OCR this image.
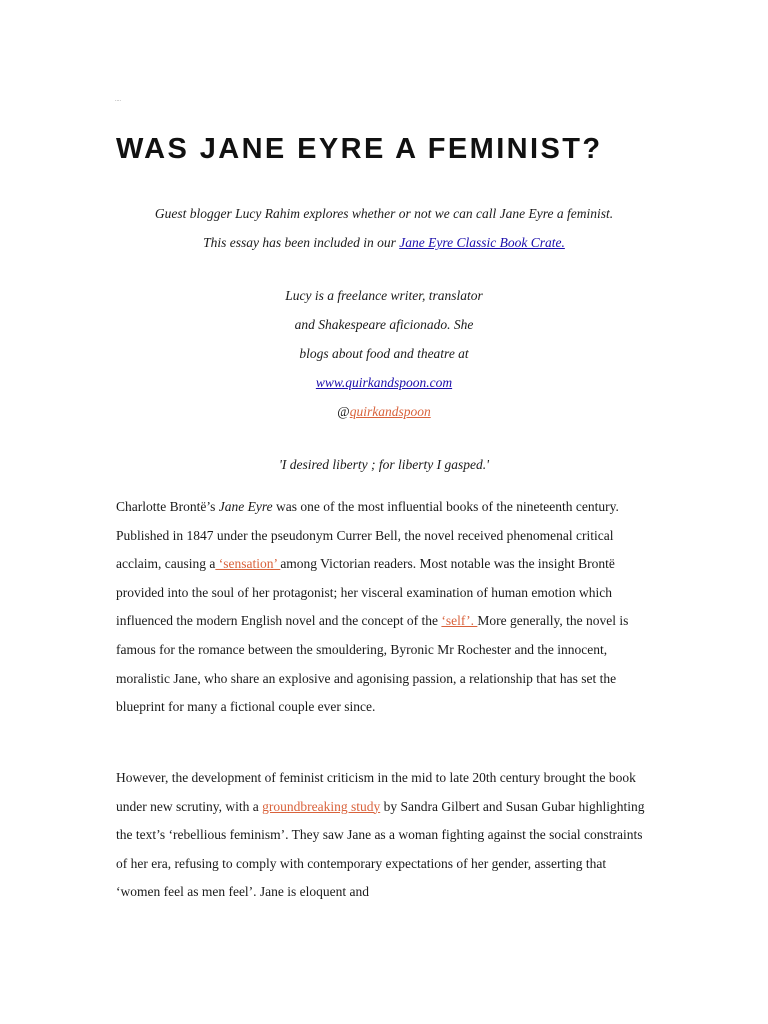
....
WAS JANE EYRE A FEMINIST?
Guest blogger Lucy Rahim explores whether or not we can call Jane Eyre a feminist.
This essay has been included in our Jane Eyre Classic Book Crate.
Lucy is a freelance writer, translator
and Shakespeare aficionado. She
blogs about food and theatre at
www.quirkandspoon.com
@quirkandspoon
'I desired liberty ; for liberty I gasped.'

Charlotte Brontë’s Jane Eyre was one of the most influential books of the nineteenth century. Published in 1847 under the pseudonym Currer Bell, the novel received phenomenal critical acclaim, causing a ‘sensation’ among Victorian readers. Most notable was the insight Brontë provided into the soul of her protagonist; her visceral examination of human emotion which influenced the modern English novel and the concept of the ‘self’. More generally, the novel is famous for the romance between the smouldering, Byronic Mr Rochester and the innocent, moralistic Jane, who share an explosive and agonising passion, a relationship that has set the blueprint for many a fictional couple ever since.

However, the development of feminist criticism in the mid to late 20th century brought the book under new scrutiny, with a groundbreaking study by Sandra Gilbert and Susan Gubar highlighting the text’s ‘rebellious feminism’. They saw Jane as a woman fighting against the social constraints of her era, refusing to comply with contemporary expectations of her gender, asserting that ‘women feel as men feel’. Jane is eloquent and
